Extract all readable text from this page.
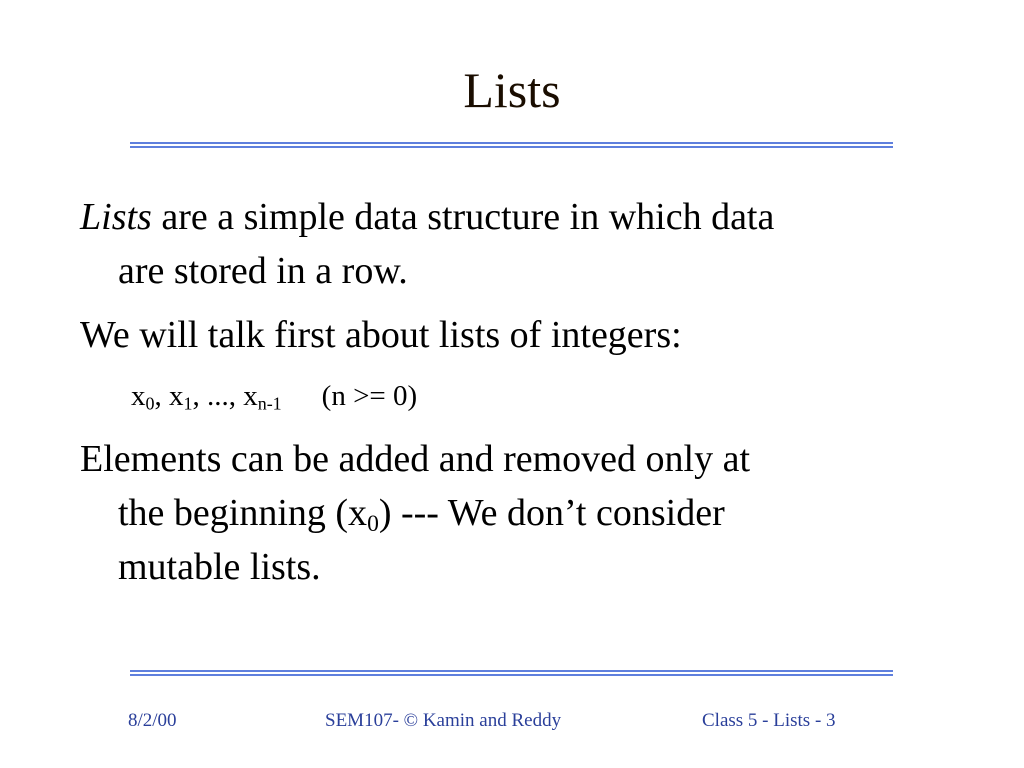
Lists
Lists are a simple data structure in which data
are stored in a row.
We will talk first about lists of integers:
$x_0$, $x_1$, ..., $x_{n-1}$ (n >= 0)
Elements can be added and removed only at
the beginning $(x_0)$ --- We don’t consider
mutable lists.
8/2/00	SEM107- © Kamin and Reddy	Class 5 - Lists - 3
